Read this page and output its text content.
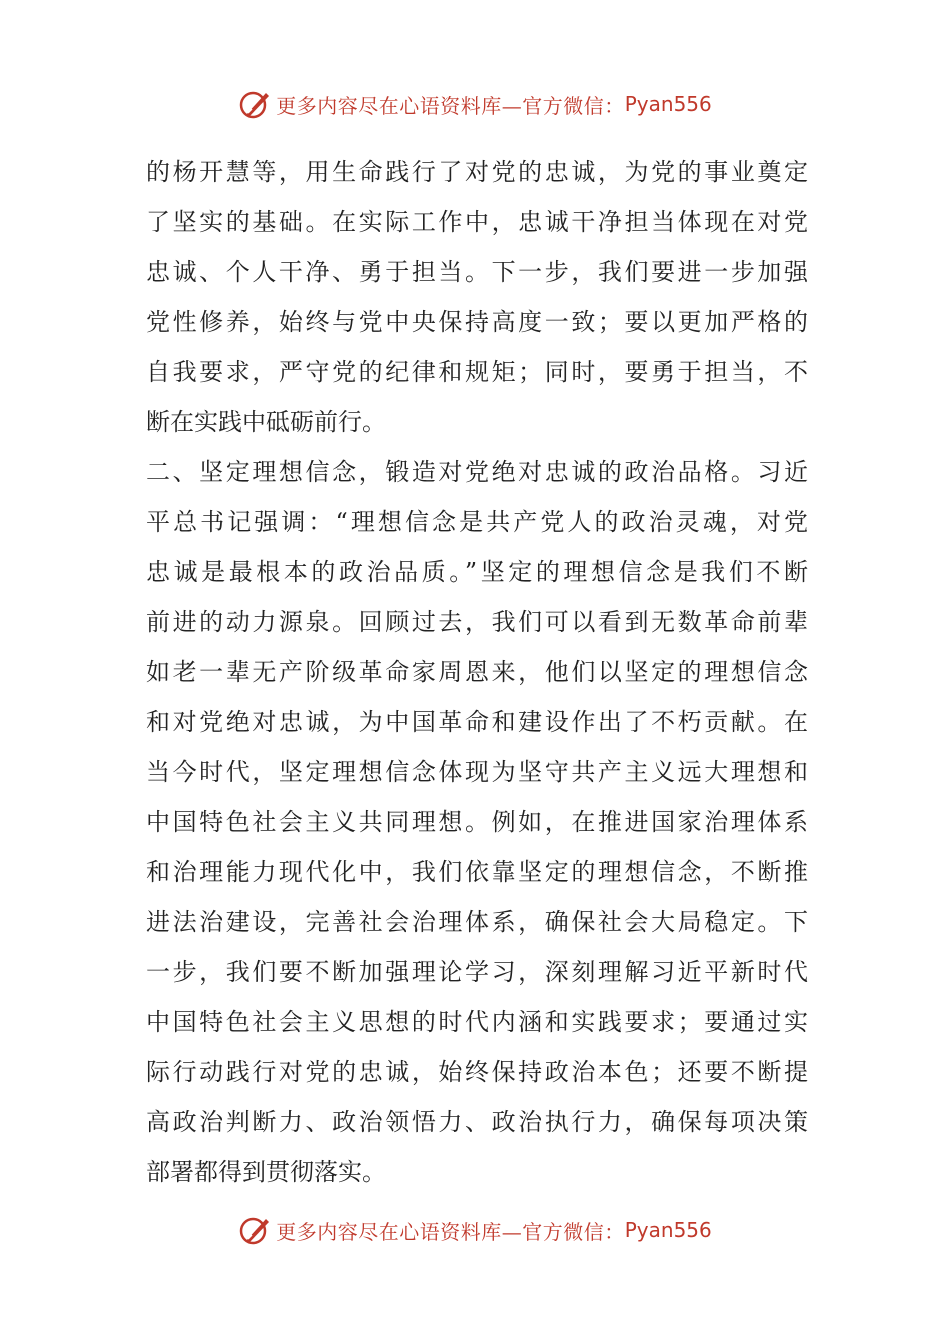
更多内容尽在心语资料库—官方微信： Pyan556
的杨开慧等，用生命践行了对党的忠诚，为党的事业奠定
了坚实的基础。在实际工作中，忠诚干净担当体现在对党
忠诚、个人干净、勇于担当。下一步，我们要进一步加强
党性修养，始终与党中央保持高度一致；要以更加严格的
自我要求，严守党的纪律和规矩；同时，要勇于担当，不
断在实践中砥砺前行。
二、坚定理想信念，锻造对党绝对忠诚的政治品格。习近
平总书记强调：“理想信念是共产党人的政治灵魂，对党
忠诚是最根本的政治品质。”坚定的理想信念是我们不断
前进的动力源泉。回顾过去，我们可以看到无数革命前辈
如老一辈无产阶级革命家周恩来，他们以坚定的理想信念
和对党绝对忠诚，为中国革命和建设作出了不朽贡献。在
当今时代，坚定理想信念体现为坚守共产主义远大理想和
中国特色社会主义共同理想。例如，在推进国家治理体系
和治理能力现代化中，我们依靠坚定的理想信念，不断推
进法治建设，完善社会治理体系，确保社会大局稳定。下
一步，我们要不断加强理论学习，深刻理解习近平新时代
中国特色社会主义思想的时代内涵和实践要求；要通过实
际行动践行对党的忠诚，始终保持政治本色；还要不断提
高政治判断力、政治领悟力、政治执行力，确保每项决策
部署都得到贯彻落实。
更多内容尽在心语资料库—官方微信： Pyan556
